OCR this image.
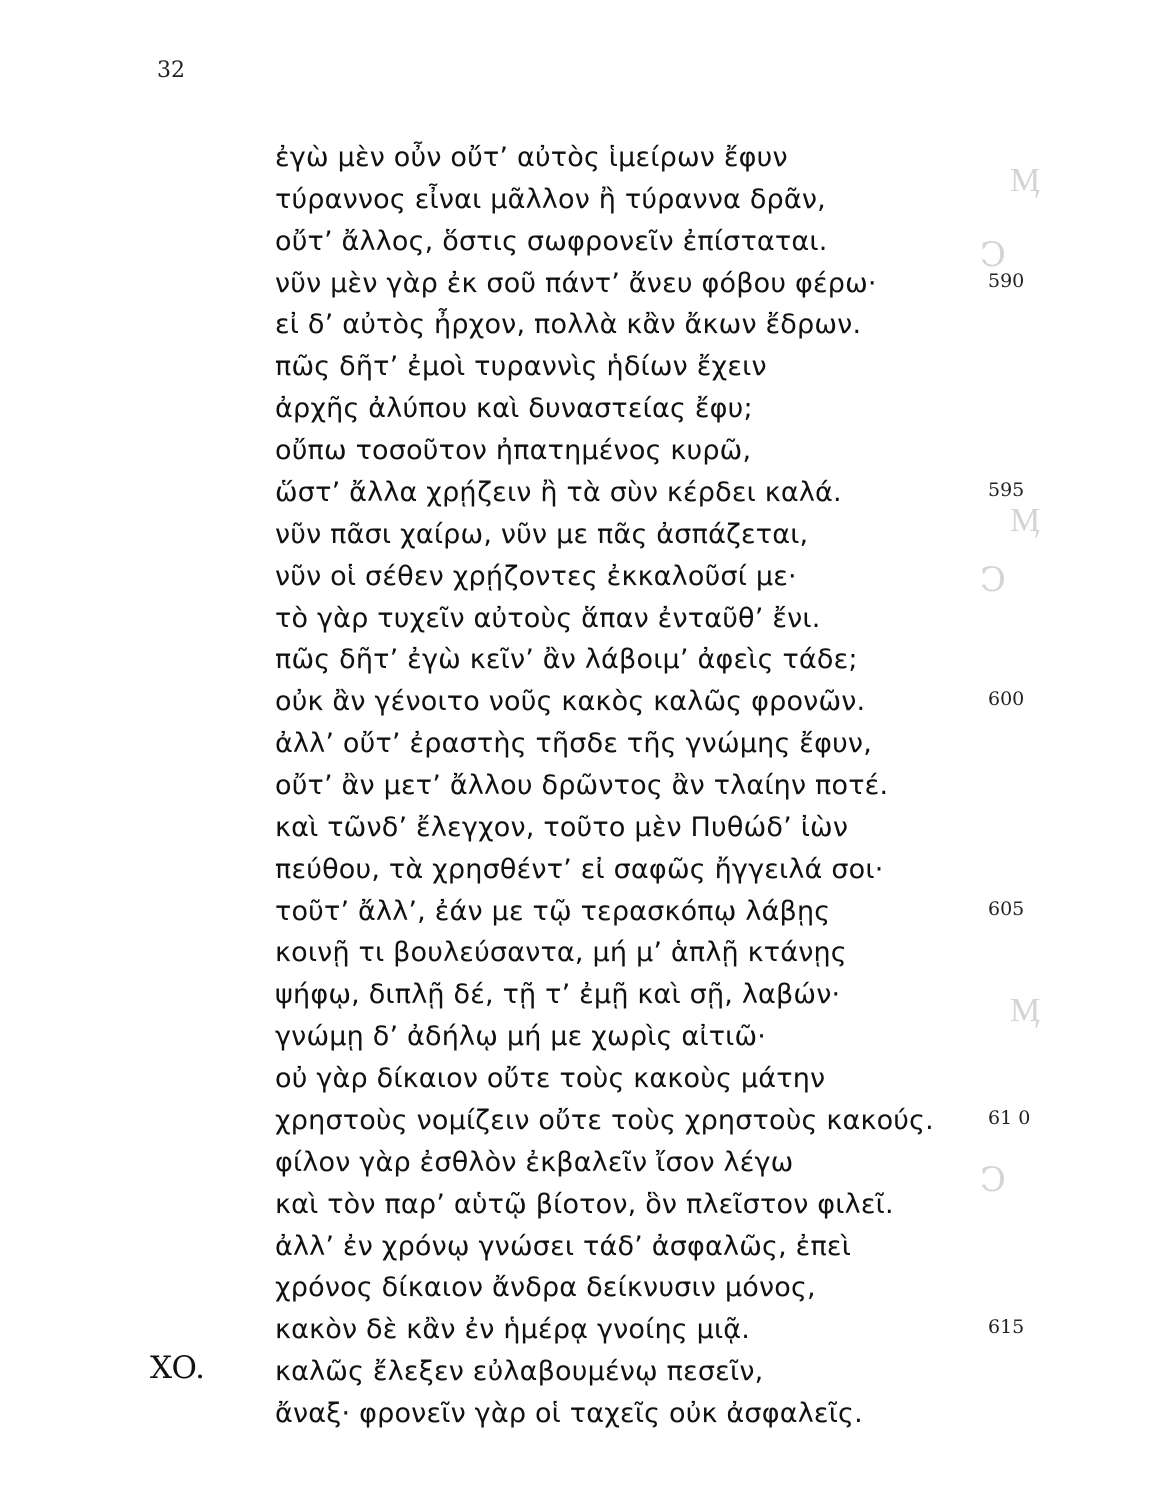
Ӎ
Ͻ
Ӎ
Ͻ
Ӎ
Ͻ
32
ἐγὼ μὲν οὖν οὔτ’ αὐτὸς ἱμείρων ἔφυν
τύραννος εἶναι μᾶλλον ἢ τύραννα δρᾶν,
οὔτ’ ἄλλος, ὅστις σωφρονεῖν ἐπίσταται.
νῦν μὲν γὰρ ἐκ σοῦ πάντ’ ἄνευ φόβου φέρω·	590
εἰ δ’ αὐτὸς ἦρχον, πολλὰ κἂν ἄκων ἔδρων.
πῶς δῆτ’ ἐμοὶ τυραννὶς ἡδίων ἔχειν
ἀρχῆς ἀλύπου καὶ δυναστείας ἔφυ;
οὔπω τοσοῦτον ἠπατημένος κυρῶ,
ὥστ’ ἄλλα χρῄζειν ἢ τὰ σὺν κέρδει καλά.	595
νῦν πᾶσι χαίρω, νῦν με πᾶς ἀσπάζεται,
νῦν οἱ σέθεν χρῄζοντες ἐκκαλοῦσί με·
τὸ γὰρ τυχεῖν αὐτοὺς ἅπαν ἐνταῦθ’ ἔνι.
πῶς δῆτ’ ἐγὼ κεῖν’ ἂν λάβοιμ’ ἀφεὶς τάδε;
οὐκ ἂν γένοιτο νοῦς κακὸς καλῶς φρονῶν.	600
ἀλλ’ οὔτ’ ἐραστὴς τῆσδε τῆς γνώμης ἔφυν,
οὔτ’ ἂν μετ’ ἄλλου δρῶντος ἂν τλαίην ποτέ.
καὶ τῶνδ’ ἔλεγχον, τοῦτο μὲν Πυθώδ’ ἰὼν
πεύθου, τὰ χρησθέντ’ εἰ σαφῶς ἤγγειλά σοι·
τοῦτ’ ἄλλ’, ἐάν με τῷ τερασκόπῳ λάβῃς	605
κοινῇ τι βουλεύσαντα, μή μ’ ἁπλῇ κτάνῃς
ψήφῳ, διπλῇ δέ, τῇ τ’ ἐμῇ καὶ σῇ, λαβών·
γνώμῃ δ’ ἀδήλῳ μή με χωρὶς αἰτιῶ·
οὐ γὰρ δίκαιον οὔτε τοὺς κακοὺς μάτην
χρηστοὺς νομίζειν οὔτε τοὺς χρηστοὺς κακούς.	61 0
φίλον γὰρ ἐσθλὸν ἐκβαλεῖν ἴσον λέγω
καὶ τὸν παρ’ αὑτῷ βίοτον, ὃν πλεῖστον φιλεῖ.
ἀλλ’ ἐν χρόνῳ γνώσει τάδ’ ἀσφαλῶς, ἐπεὶ
χρόνος δίκαιον ἄνδρα δείκνυσιν μόνος,
κακὸν δὲ κἂν ἐν ἡμέρᾳ γνοίης μιᾷ.	615
καλῶς ἔλεξεν εὐλαβουμένῳ πεσεῖν,
ἄναξ· φρονεῖν γὰρ οἱ ταχεῖς οὐκ ἀσφαλεῖς.
XO.
